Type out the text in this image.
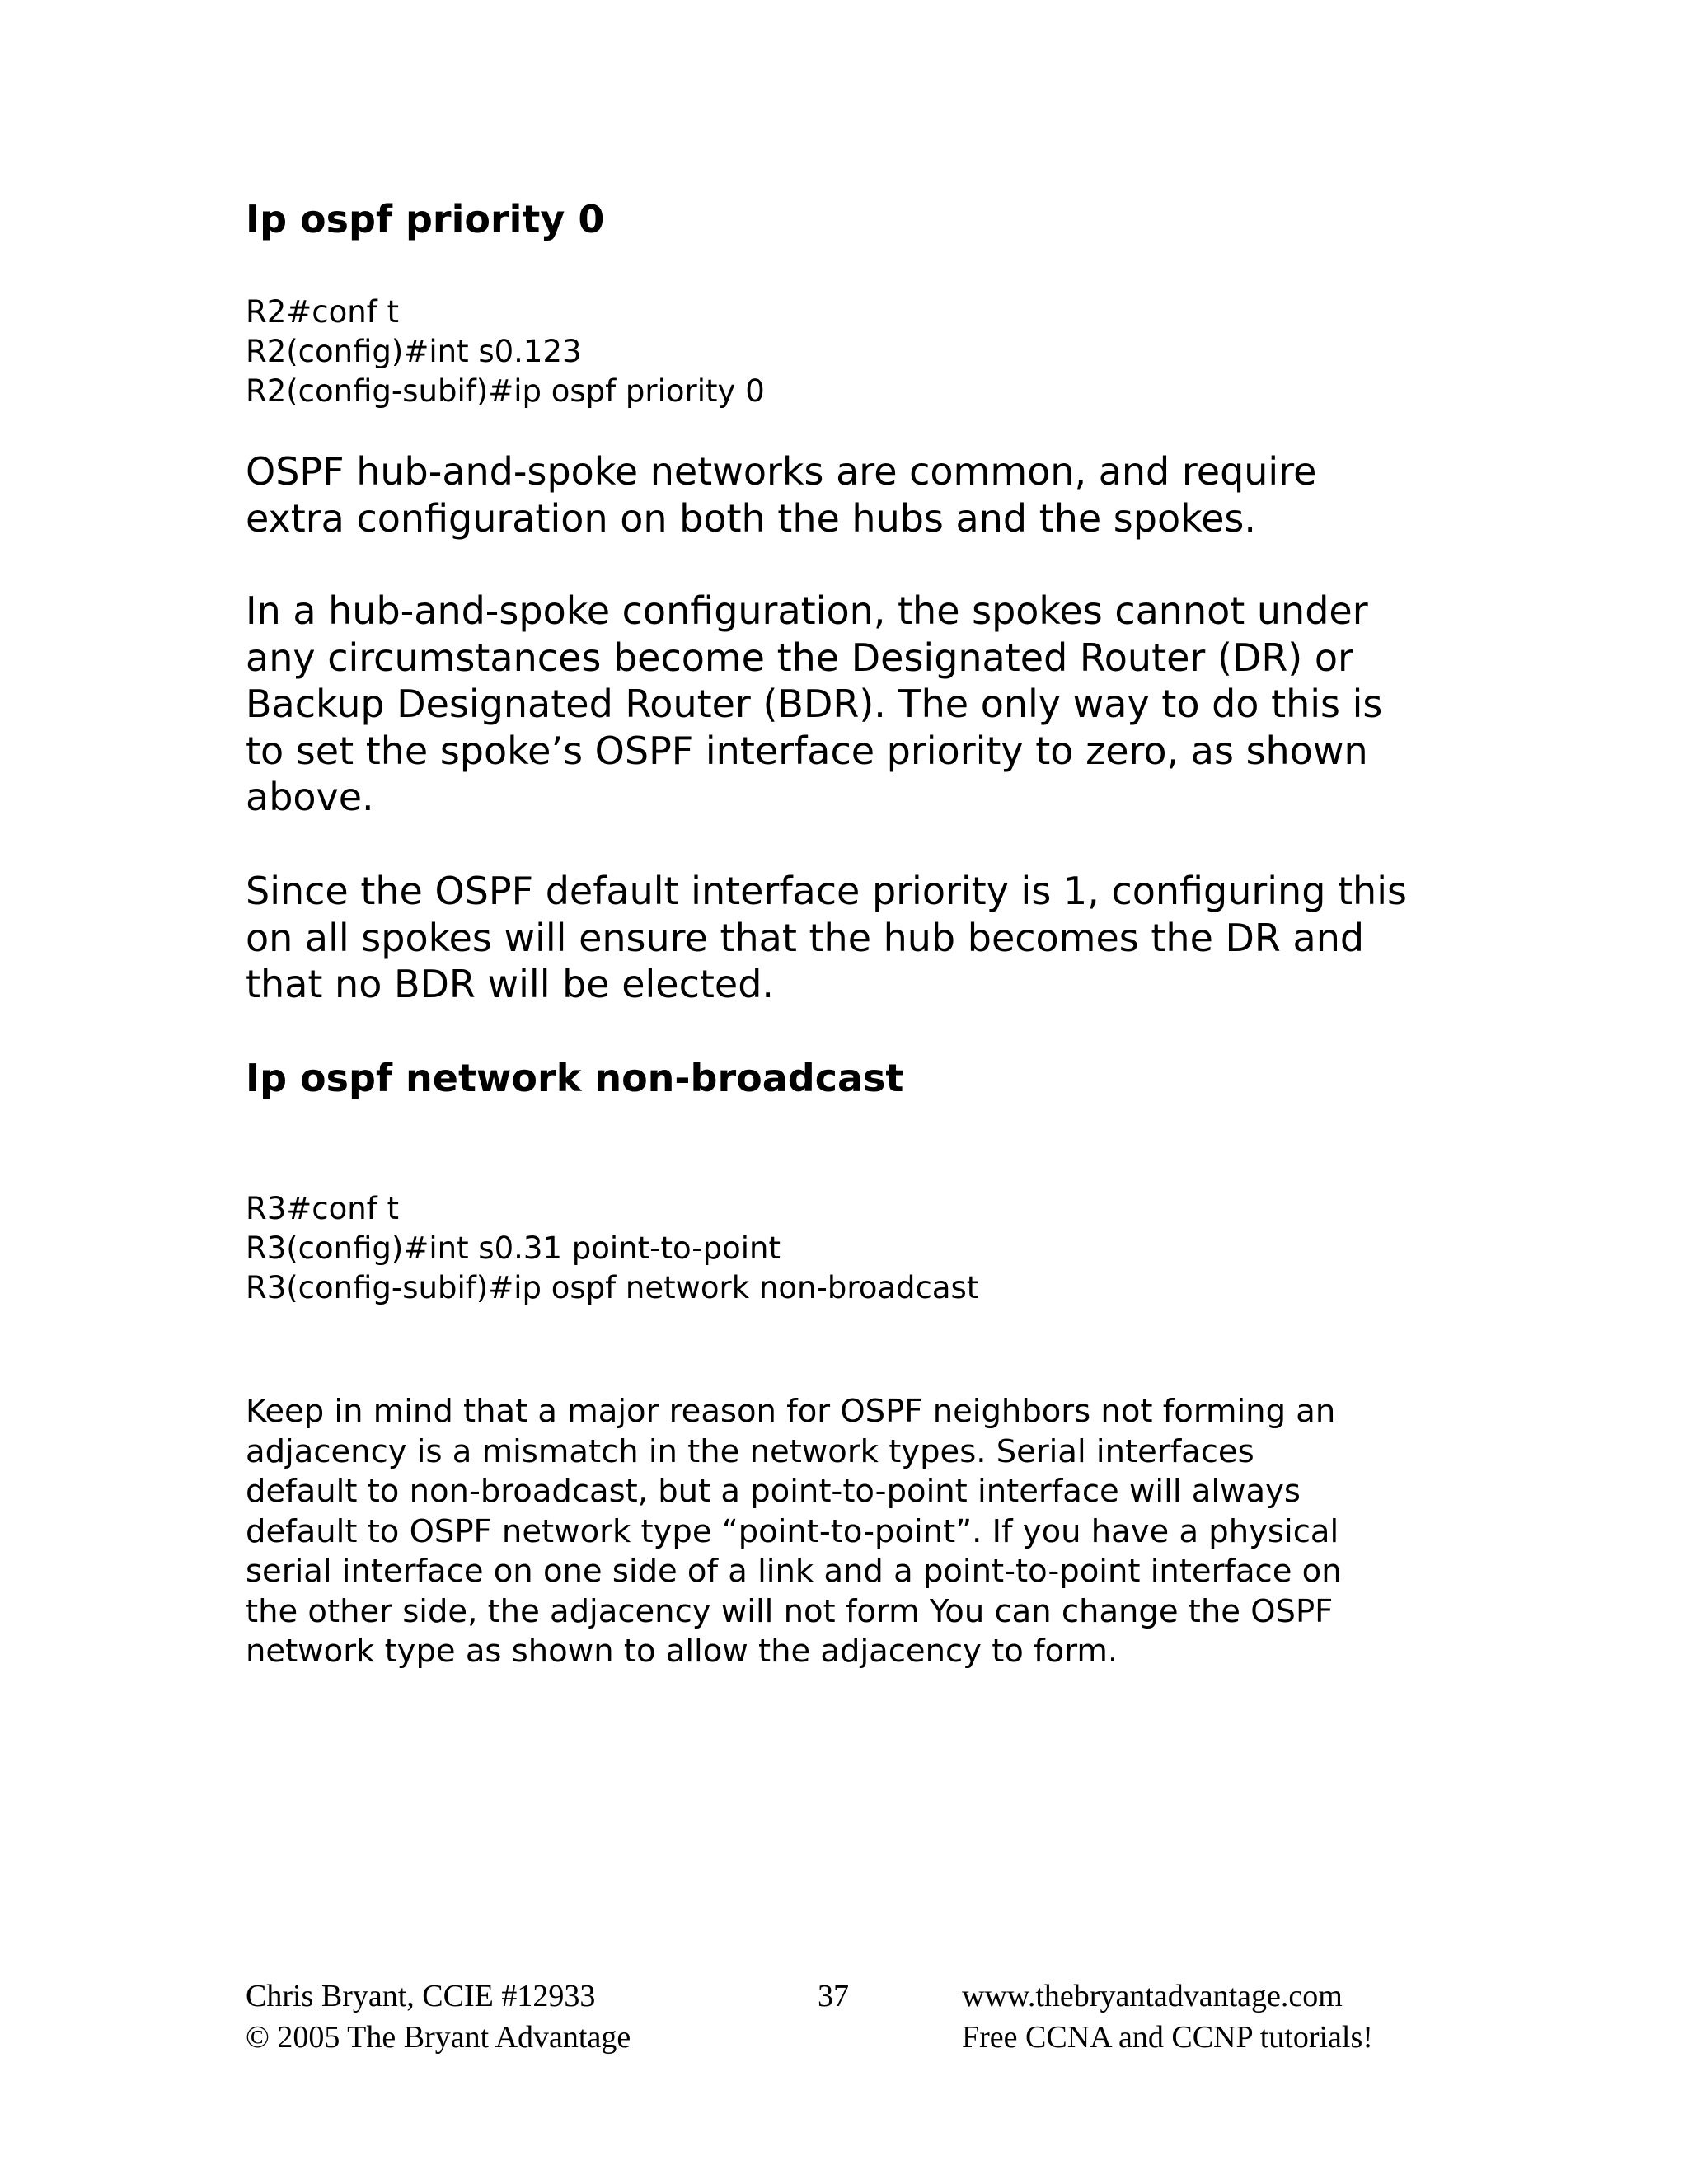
Ip ospf priority 0
R2#conf t
R2(config)#int s0.123
R2(config-subif)#ip ospf priority 0
OSPF hub-and-spoke networks are common, and require
extra configuration on both the hubs and the spokes.
In a hub-and-spoke configuration, the spokes cannot under
any circumstances become the Designated Router (DR) or
Backup Designated Router (BDR). The only way to do this is
to set the spoke’s OSPF interface priority to zero, as shown
above.
Since the OSPF default interface priority is 1, configuring this
on all spokes will ensure that the hub becomes the DR and
that no BDR will be elected.
Ip ospf network non-broadcast
R3#conf t
R3(config)#int s0.31 point-to-point
R3(config-subif)#ip ospf network non-broadcast
Keep in mind that a major reason for OSPF neighbors not forming an
adjacency is a mismatch in the network types. Serial interfaces
default to non-broadcast, but a point-to-point interface will always
default to OSPF network type “point-to-point”. If you have a physical
serial interface on one side of a link and a point-to-point interface on
the other side, the adjacency will not form You can change the OSPF
network type as shown to allow the adjacency to form.
Chris Bryant, CCIE #12933
© 2005 The Bryant Advantage
37	www.thebryantadvantage.com
Free CCNA and CCNP tutorials!
